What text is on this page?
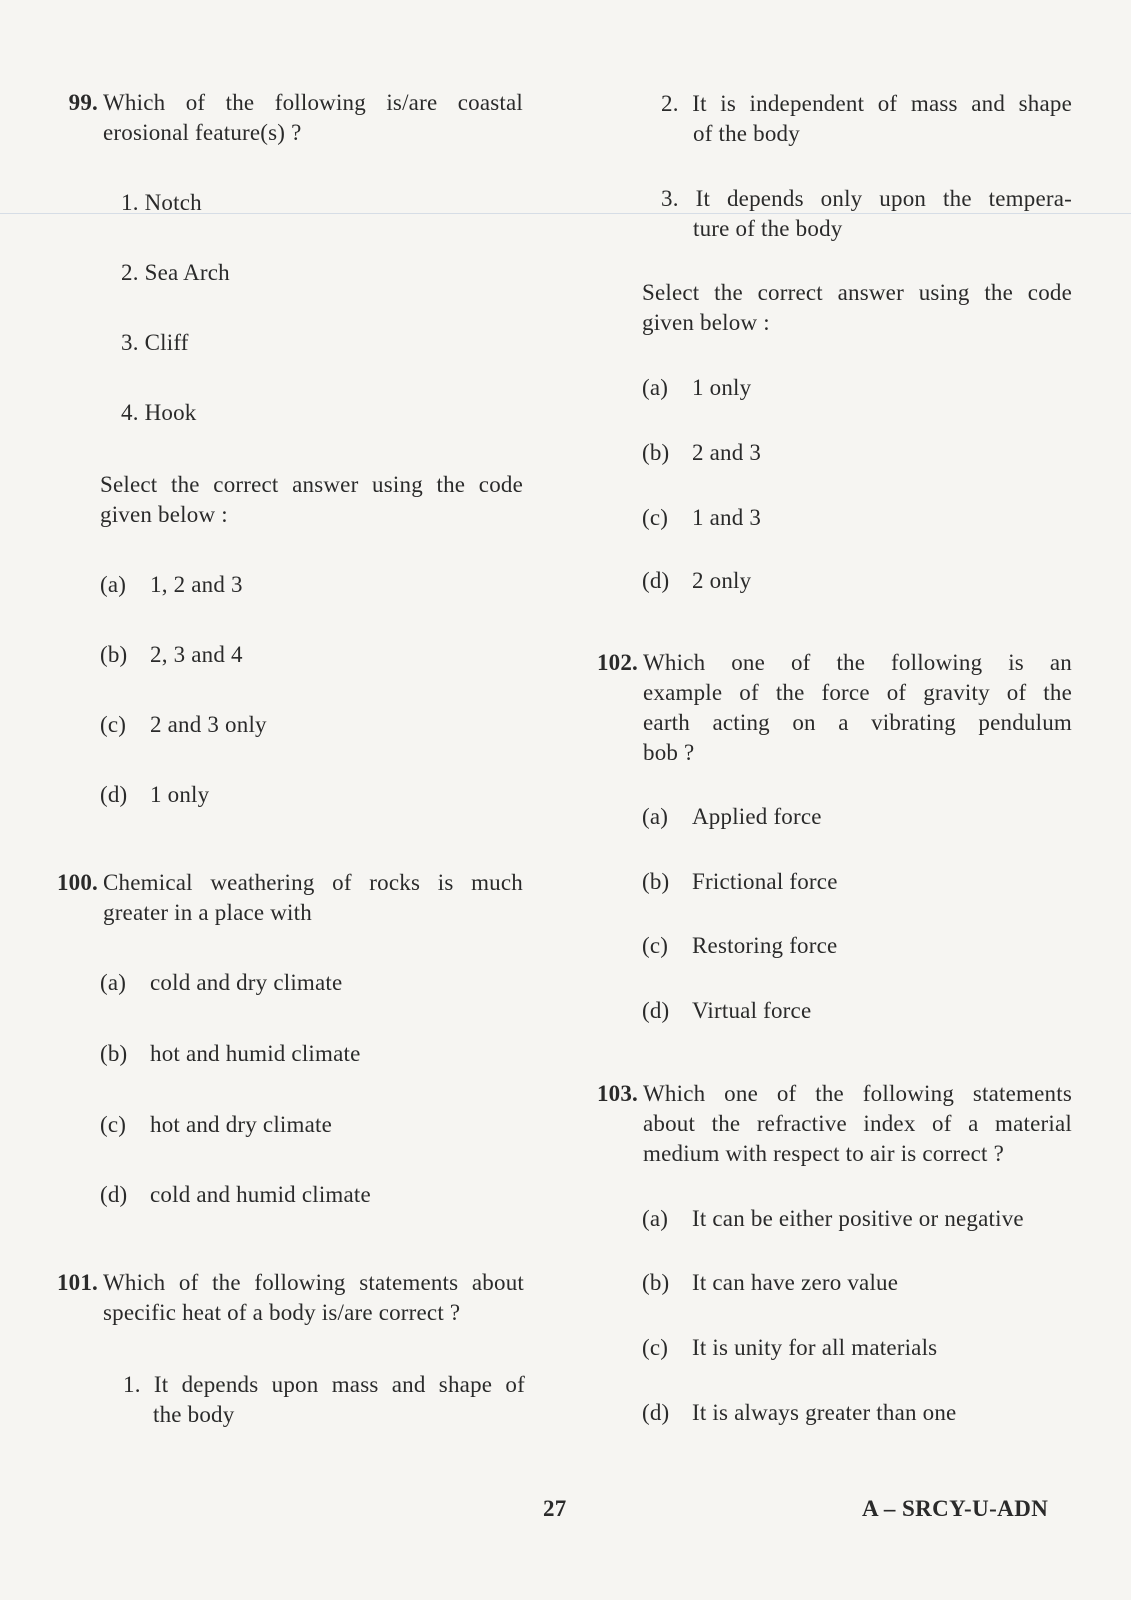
99. Which of the following is/are coastal
erosional feature(s) ?
1. Notch
2. Sea Arch
3. Cliff
4. Hook
Select the correct answer using the code
given below :
(a) 1, 2 and 3
(b) 2, 3 and 4
(c) 2 and 3 only
(d) 1 only
100. Chemical weathering of rocks is much
greater in a place with
(a) cold and dry climate
(b) hot and humid climate
(c) hot and dry climate
(d) cold and humid climate
101. Which of the following statements about
specific heat of a body is/are correct ?
1. It depends upon mass and shape of
the body
2. It is independent of mass and shape
of the body
3. It depends only upon the tempera-
ture of the body
Select the correct answer using the code
given below :
(a) 1 only
(b) 2 and 3
(c) 1 and 3
(d) 2 only
102. Which one of the following is an
example of the force of gravity of the
earth acting on a vibrating pendulum
bob ?
(a) Applied force
(b) Frictional force
(c) Restoring force
(d) Virtual force
103. Which one of the following statements
about the refractive index of a material
medium with respect to air is correct ?
(a) It can be either positive or negative
(b) It can have zero value
(c) It is unity for all materials
(d) It is always greater than one
27	A – SRCY-U-ADN
